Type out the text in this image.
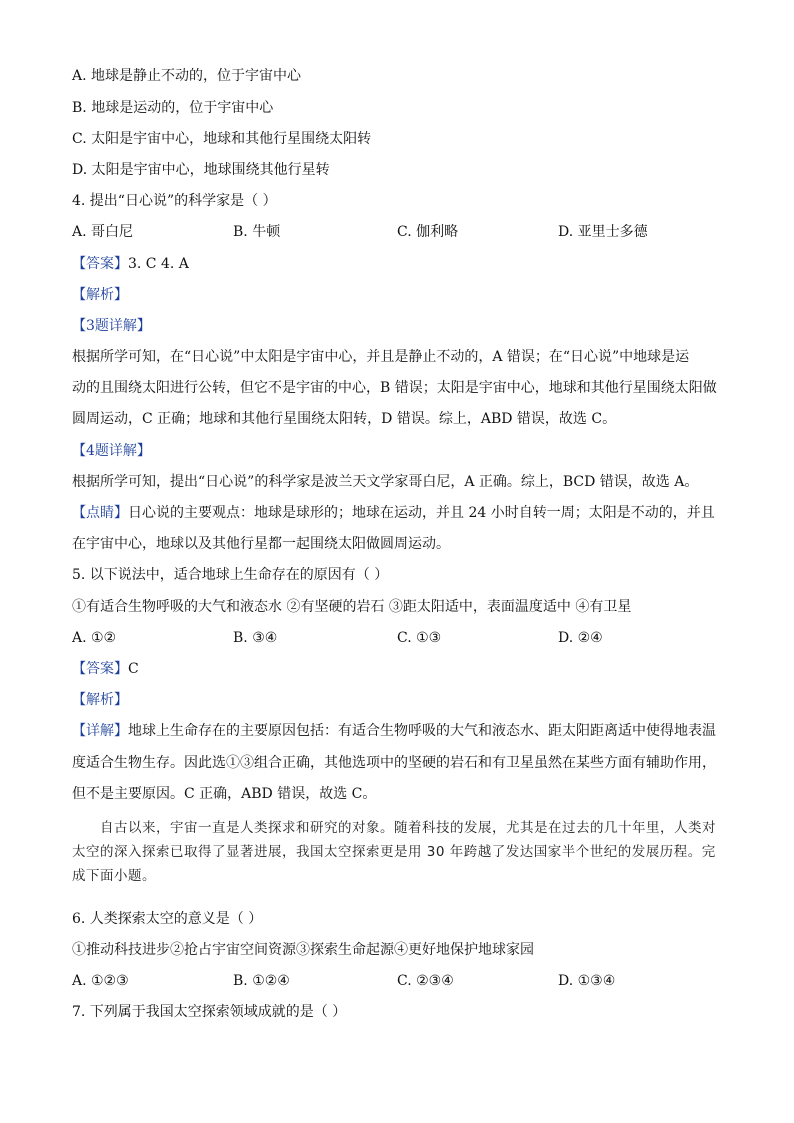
A. 地球是静止不动的，位于宇宙中心
B. 地球是运动的，位于宇宙中心
C. 太阳是宇宙中心，地球和其他行星围绕太阳转
D. 太阳是宇宙中心，地球围绕其他行星转
4. 提出“日心说”的科学家是（ ）
A. 哥白尼	B. 牛顿	C. 伽利略	D. 亚里士多德
【答案】3. C 4. A
【解析】
【3题详解】
根据所学可知，在“日心说”中太阳是宇宙中心，并且是静止不动的，A 错误；在“日心说”中地球是运
动的且围绕太阳进行公转，但它不是宇宙的中心，B 错误；太阳是宇宙中心，地球和其他行星围绕太阳做
圆周运动，C 正确；地球和其他行星围绕太阳转，D 错误。综上，ABD 错误，故选 C。
【4题详解】
根据所学可知，提出“日心说”的科学家是波兰天文学家哥白尼，A 正确。综上，BCD 错误，故选 A。
【点睛】日心说的主要观点：地球是球形的；地球在运动，并且 24 小时自转一周；太阳是不动的，并且
在宇宙中心，地球以及其他行星都一起围绕太阳做圆周运动。
5. 以下说法中，适合地球上生命存在的原因有（ ）
①有适合生物呼吸的大气和液态水 ②有坚硬的岩石 ③距太阳适中，表面温度适中 ④有卫星
A. ①②	B. ③④	C. ①③	D. ②④
【答案】C
【解析】
【详解】地球上生命存在的主要原因包括：有适合生物呼吸的大气和液态水、距太阳距离适中使得地表温
度适合生物生存。因此选①③组合正确，其他选项中的坚硬的岩石和有卫星虽然在某些方面有辅助作用，
但不是主要原因。C 正确，ABD 错误，故选 C。
自古以来，宇宙一直是人类探求和研究的对象。随着科技的发展，尤其是在过去的几十年里，人类对太空的深入探索已取得了显著进展，我国太空探索更是用 30 年跨越了发达国家半个世纪的发展历程。完成下面小题。
6. 人类探索太空的意义是（ ）
①推动科技进步②抢占宇宙空间资源③探索生命起源④更好地保护地球家园
A. ①②③	B. ①②④	C. ②③④	D. ①③④
7. 下列属于我国太空探索领域成就的是（ ）
